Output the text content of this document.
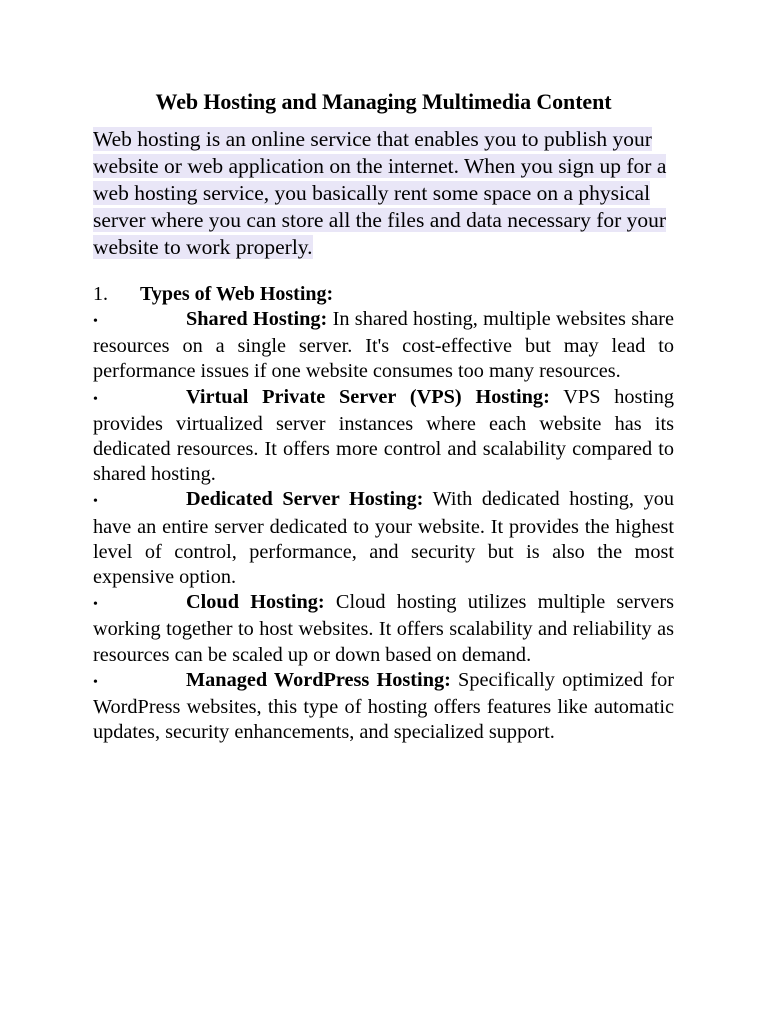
Web Hosting and Managing Multimedia Content
Web hosting is an online service that enables you to publish your website or web application on the internet. When you sign up for a web hosting service, you basically rent some space on a physical server where you can store all the files and data necessary for your website to work properly.
1.	Types of Web Hosting:
•	Shared Hosting: In shared hosting, multiple websites share resources on a single server. It's cost-effective but may lead to performance issues if one website consumes too many resources.
•	Virtual Private Server (VPS) Hosting: VPS hosting provides virtualized server instances where each website has its dedicated resources. It offers more control and scalability compared to shared hosting.
•	Dedicated Server Hosting: With dedicated hosting, you have an entire server dedicated to your website. It provides the highest level of control, performance, and security but is also the most expensive option.
•	Cloud Hosting: Cloud hosting utilizes multiple servers working together to host websites. It offers scalability and reliability as resources can be scaled up or down based on demand.
•	Managed WordPress Hosting: Specifically optimized for WordPress websites, this type of hosting offers features like automatic updates, security enhancements, and specialized support.
